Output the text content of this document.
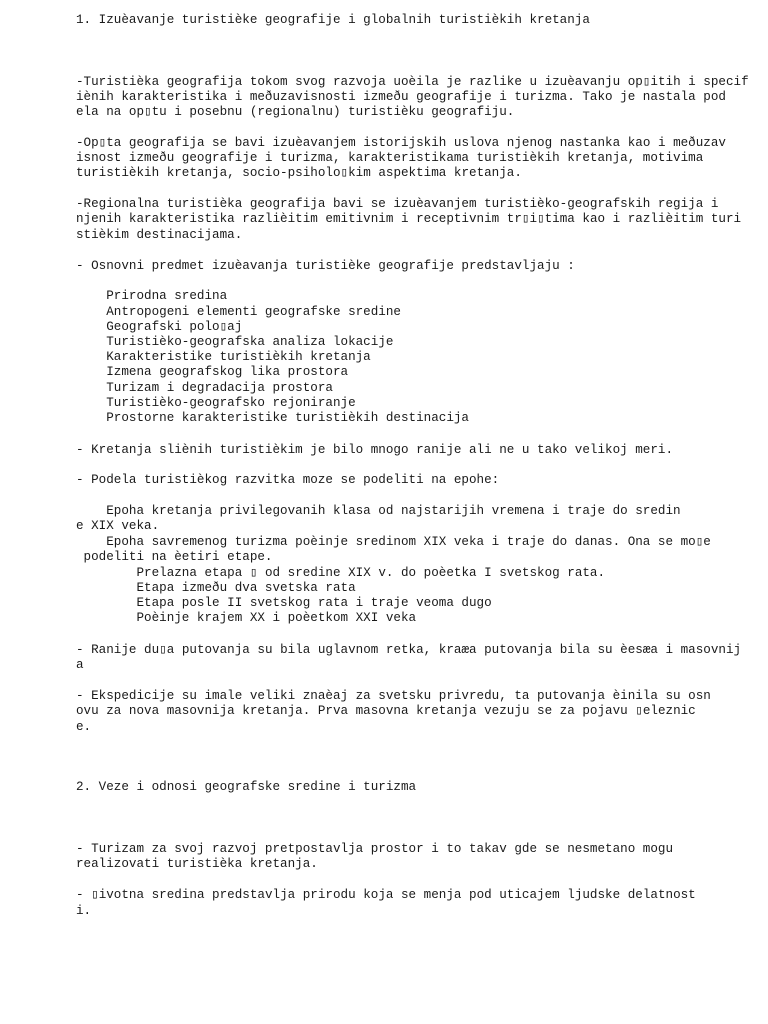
1. Izuèavanje turistièke geografije i globalnih turistièkih kretanja
-Turistièka geografija tokom svog razvoja uoèila je razlike u izuèavanju op▯itih i specif
iènih karakteristika i meðuzavisnosti izmeðu geografije i turizma. Tako je nastala pod
ela na op▯tu i posebnu (regionalnu) turistièku geografiju.
-Op▯ta geografija se bavi izuèavanjem istorijskih uslova njenog nastanka kao i meðuzav
isnost izmeðu geografije i turizma, karakteristikama turistièkih kretanja, motivima
turistièkih kretanja, socio-psiholo▯kim aspektima kretanja.
-Regionalna turistièka geografija bavi se izuèavanjem turistièko-geografskih regija i
njenih karakteristika razlièitim emitivnim i receptivnim tr▯i▯tima kao i razlièitim turi
stièkim destinacijama.
- Osnovni predmet izuèavanja turistièke geografije predstavljaju :
Prirodna sredina
Antropogeni elementi geografske sredine
Geografski polo▯aj
Turistièko-geografska analiza lokacije
Karakteristike turistièkih kretanja
Izmena geografskog lika prostora
Turizam i degradacija prostora
Turistièko-geografsko rejoniranje
Prostorne karakteristike turistièkih destinacija
- Kretanja sliènih turistièkim je bilo mnogo ranije ali ne u tako velikoj meri.
- Podela turistièkog razvitka moze se podeliti na epohe:
Epoha kretanja privilegovanih klasa od najstarijih vremena i traje do sredin
e XIX veka.
Epoha savremenog turizma poèinje sredinom XIX veka i traje do danas. Ona se mo▯e
podeliti na èetiri etape.
Prelazna etapa ▯ od sredine XIX v. do poèetka I svetskog rata.
Etapa izmeðu dva svetska rata
Etapa posle II svetskog rata i traje veoma dugo
Poèinje krajem XX i poèetkom XXI veka
- Ranije du▯a putovanja su bila uglavnom retka, kraæa putovanja bila su èesæa i masovnij
a
- Ekspedicije su imale veliki znaèaj za svetsku privredu, ta putovanja èinila su osn
ovu za nova masovnija kretanja. Prva masovna kretanja vezuju se za pojavu ▯eleznic
e.
2. Veze i odnosi geografske sredine i turizma
- Turizam za svoj razvoj pretpostavlja prostor i to takav gde se nesmetano mogu
realizovati turistièka kretanja.
- ▯ivotna sredina predstavlja prirodu koja se menja pod uticajem ljudske delatnost
i.
